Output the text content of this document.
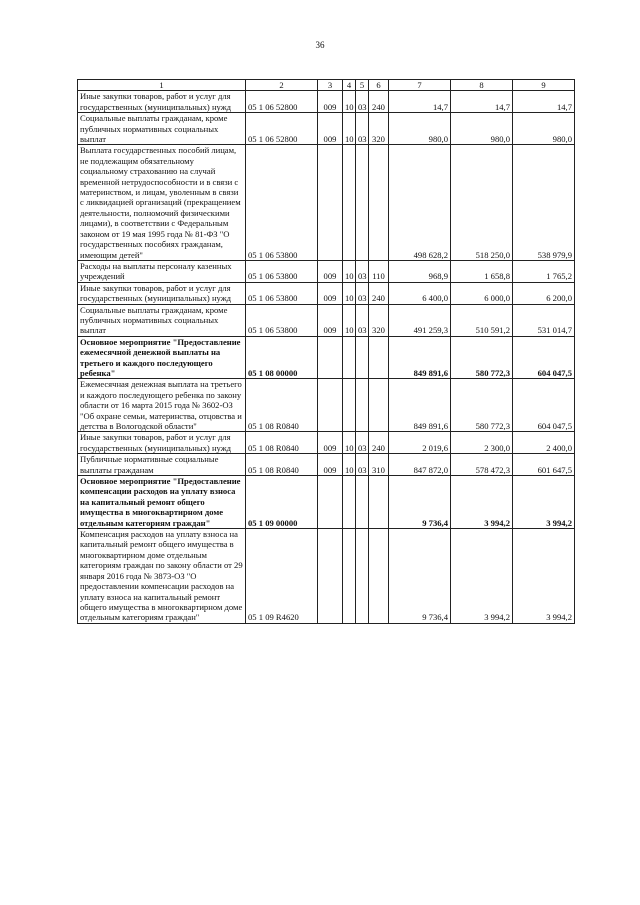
36
1	2	3	4	5	6	7	8	9
Иные закупки товаров, работ и услуг для государственных (муниципальных) нужд	05 1 06 52800	009	10	03	240	14,7	14,7	14,7
Социальные выплаты гражданам, кроме публичных нормативных социальных выплат	05 1 06 52800	009	10	03	320	980,0	980,0	980,0
Выплата государственных пособий лицам, не подлежащим обязательному социальному страхованию на случай временной нетрудоспособности и в связи с материнством, и лицам, уволенным в связи с ликвидацией организаций (прекращением деятельности, полномочий физическими лицами), в соответствии с Федеральным законом от 19 мая 1995 года № 81-ФЗ "О государственных пособиях гражданам, имеющим детей"	05 1 06 53800					498 628,2	518 250,0	538 979,9
Расходы на выплаты персоналу казенных учреждений	05 1 06 53800	009	10	03	110	968,9	1 658,8	1 765,2
Иные закупки товаров, работ и услуг для государственных (муниципальных) нужд	05 1 06 53800	009	10	03	240	6 400,0	6 000,0	6 200,0
Социальные выплаты гражданам, кроме публичных нормативных социальных выплат	05 1 06 53800	009	10	03	320	491 259,3	510 591,2	531 014,7
Основное мероприятие "Предоставление ежемесячной денежной выплаты на третьего и каждого последующего ребенка"	05 1 08 00000					849 891,6	580 772,3	604 047,5
Ежемесячная денежная выплата на третьего и каждого последующего ребенка по закону области от 16 марта 2015 года № 3602-ОЗ "Об охране семьи, материнства, отцовства и детства в Вологодской области"	05 1 08 R0840					849 891,6	580 772,3	604 047,5
Иные закупки товаров, работ и услуг для государственных (муниципальных) нужд	05 1 08 R0840	009	10	03	240	2 019,6	2 300,0	2 400,0
Публичные нормативные социальные выплаты гражданам	05 1 08 R0840	009	10	03	310	847 872,0	578 472,3	601 647,5
Основное мероприятие "Предоставление компенсации расходов на уплату взноса на капитальный ремонт общего имущества в многоквартирном доме отдельным категориям граждан"	05 1 09 00000					9 736,4	3 994,2	3 994,2
Компенсация расходов на уплату взноса на капитальный ремонт общего имущества в многоквартирном доме отдельным категориям граждан по закону области от 29 января 2016 года № 3873-ОЗ "О предоставлении компенсации расходов на уплату взноса на капитальный ремонт общего имущества в многоквартирном доме отдельным категориям граждан"	05 1 09 R4620					9 736,4	3 994,2	3 994,2
